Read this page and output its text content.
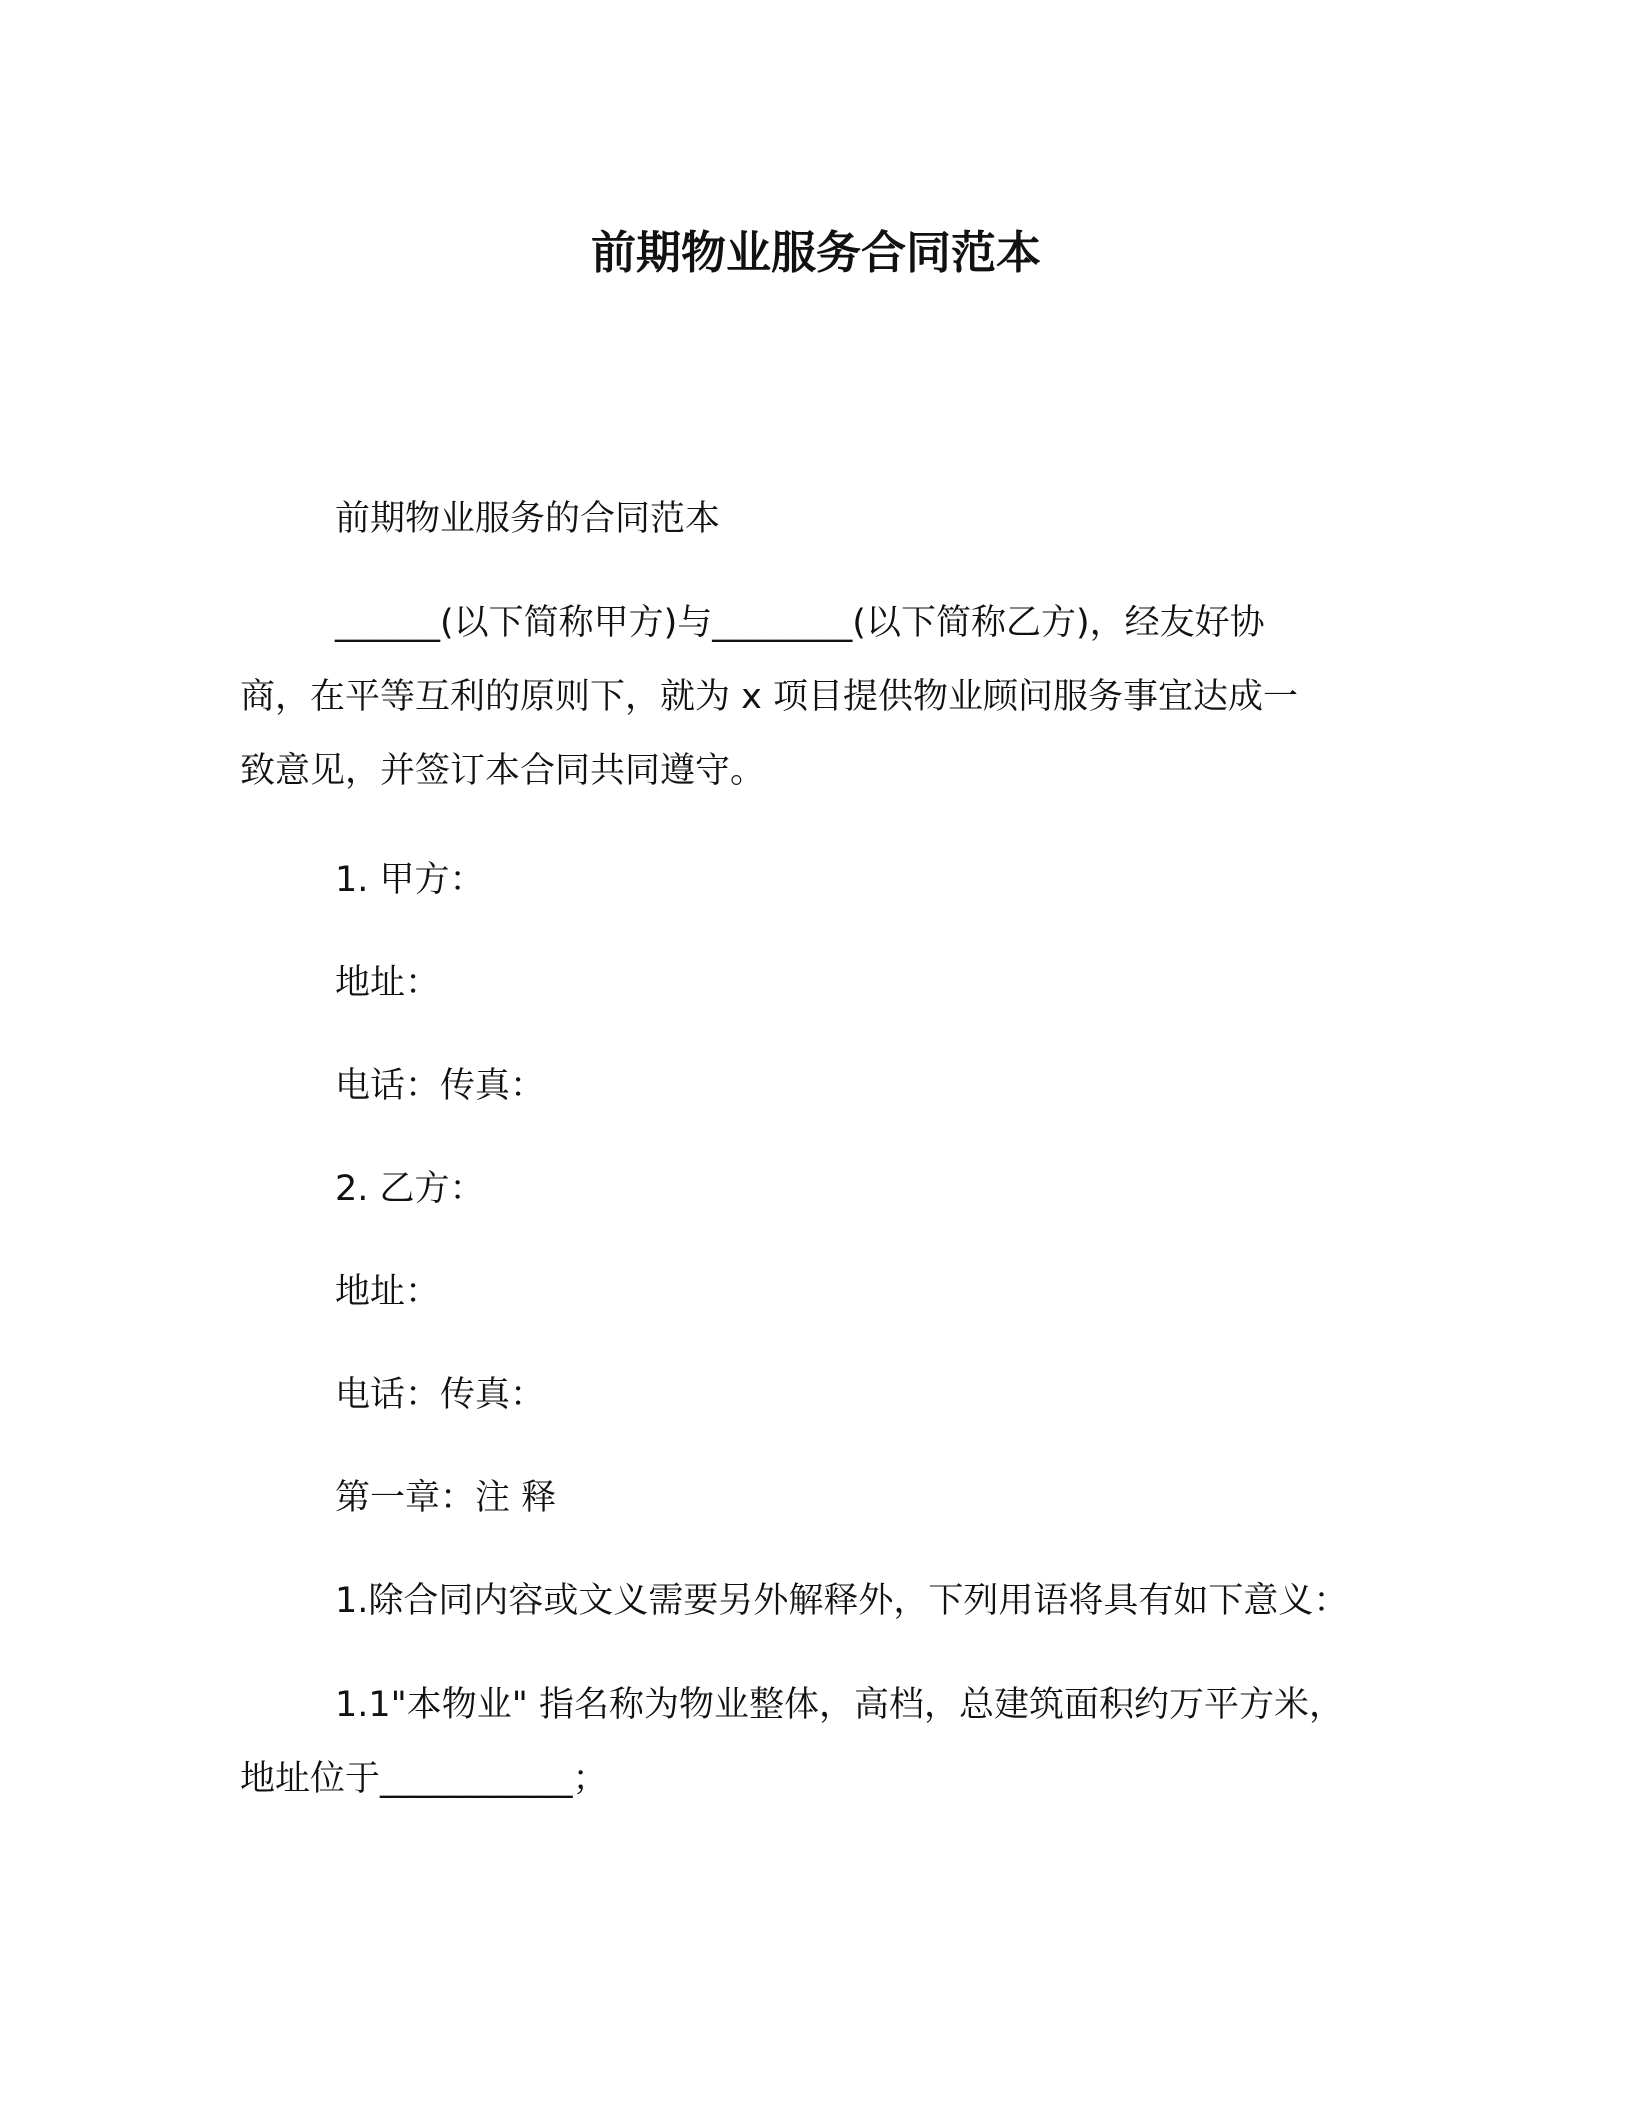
前期物业服务合同范本
前期物业服务的合同范本
______(以下简称甲方)与________(以下简称乙方)，经友好协
商，在平等互利的原则下，就为 x 项目提供物业顾问服务事宜达成一
致意见，并签订本合同共同遵守。
1. 甲方：
地址：
电话：传真：
2. 乙方：
地址：
电话：传真：
第一章：注 释
1.除合同内容或文义需要另外解释外，下列用语将具有如下意义：
1.1"本物业" 指名称为物业整体，高档，总建筑面积约万平方米，
地址位于___________；
